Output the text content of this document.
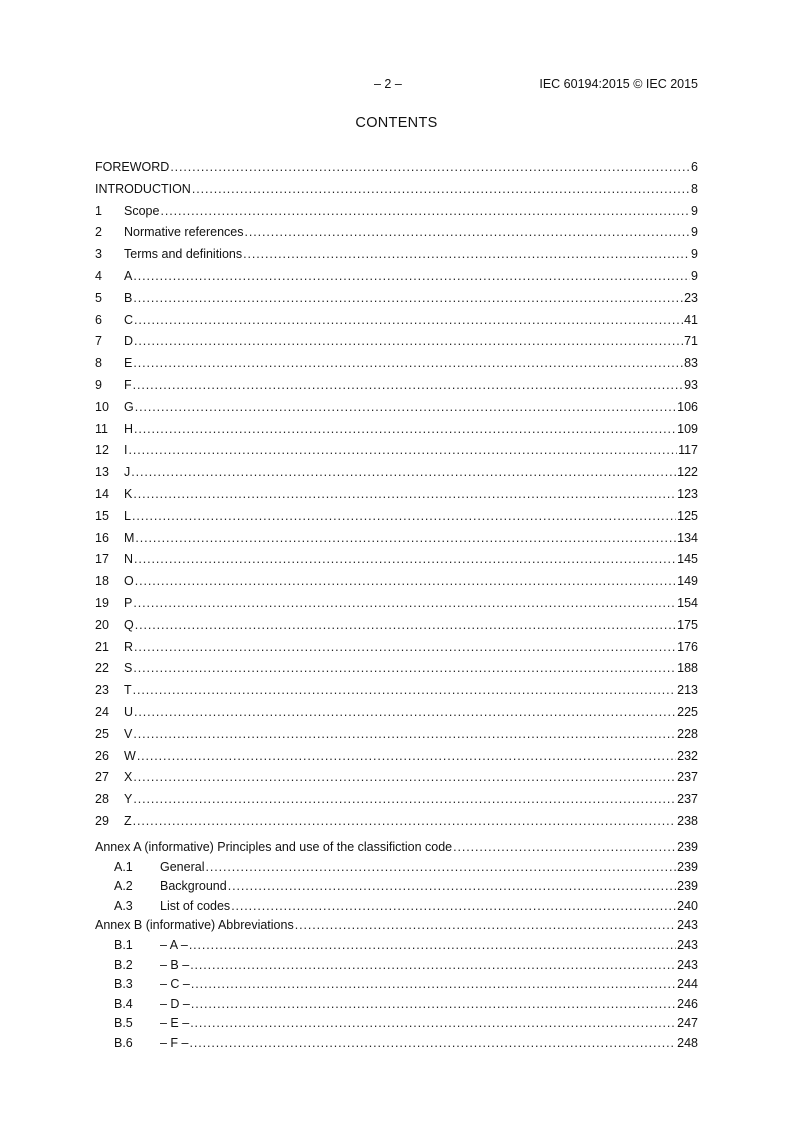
– 2 –	IEC 60194:2015 © IEC 2015
CONTENTS
FOREWORD .....	6
INTRODUCTION .....	8
1	Scope .....	9
2	Normative references .....	9
3	Terms and definitions .....	9
4	A .....	9
5	B .....	23
6	C .....	41
7	D .....	71
8	E .....	83
9	F .....	93
10	G .....	106
11	H .....	109
12	I .....	117
13	J .....	122
14	K .....	123
15	L .....	125
16	M .....	134
17	N .....	145
18	O .....	149
19	P .....	154
20	Q .....	175
21	R .....	176
22	S .....	188
23	T .....	213
24	U .....	225
25	V .....	228
26	W .....	232
27	X .....	237
28	Y .....	237
29	Z .....	238
Annex A (informative) Principles and use of the classifiction code .....	239
A.1	General .....	239
A.2	Background .....	239
A.3	List of codes .....	240
Annex B (informative) Abbreviations .....	243
B.1	– A – .....	243
B.2	– B – .....	243
B.3	– C – .....	244
B.4	– D – .....	246
B.5	– E – .....	247
B.6	– F – .....	248
